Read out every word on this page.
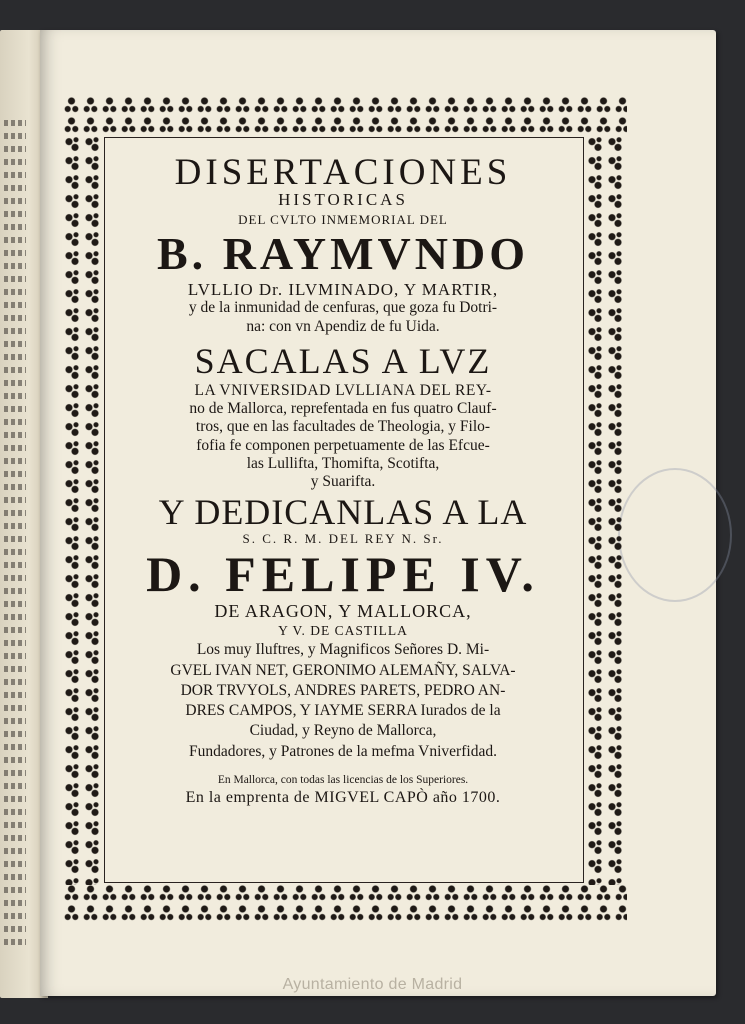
DISERTACIONES
HISTORICAS
DEL CVLTO INMEMORIAL DEL
B. RAYMVNDO
LVLLIO Dr. ILVMINADO, Y MARTIR,
y de la inmunidad de cenfuras, que goza fu Dotri-
na: con vn Apendiz de fu Uida.
SACALAS A LVZ
LA VNIVERSIDAD LVLLIANA DEL REY-
no de Mallorca, reprefentada en fus quatro Clauf-
tros, que en las facultades de Theologia, y Filo-
fofia fe componen perpetuamente de las Efcue-
las Lullifta, Thomifta, Scotifta,
y Suarifta.
Y DEDICANLAS A LA
S. C. R. M. DEL REY N. Sr.
D. FELIPE IV.
DE ARAGON, Y MALLORCA,
Y V. DE CASTILLA
Los muy Iluftres, y Magnificos Señores D. Mi-
GVEL IVAN NET, GERONIMO ALEMAÑY, SALVA-
DOR TRVYOLS, ANDRES PARETS, PEDRO AN-
DRES CAMPOS, Y IAYME SERRA Iurados de la
Ciudad, y Reyno de Mallorca,
Fundadores, y Patrones de la mefma Vniverfidad.
En Mallorca, con todas las licencias de los Superiores.
En la emprenta de MIGVEL CAPÒ año 1700.
Ayuntamiento de Madrid
